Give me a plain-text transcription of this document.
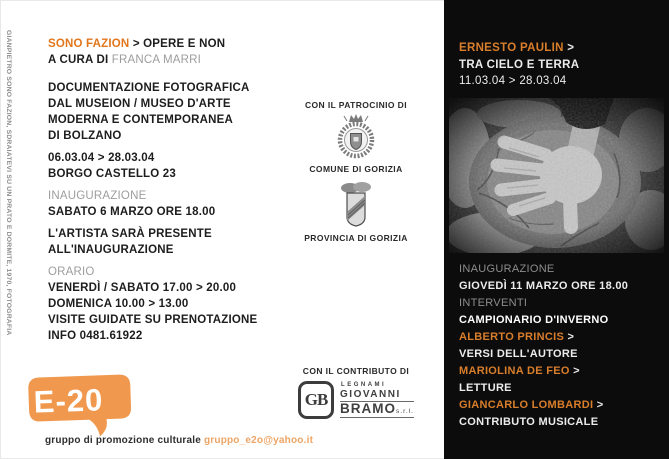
GIANPIETRO SONO FAZION, SDRAIATEVI SU UN PRATO E DORMITE, 1970, FOTOGRAFIA	SONO FAZION > OPERE E NON
A CURA DI FRANCA MARRI
DOCUMENTAZIONE FOTOGRAFICA
DAL MUSEION / MUSEO D'ARTE
MODERNA E CONTEMPORANEA
DI BOLZANO
06.03.04 > 28.03.04
BORGO CASTELLO 23
INAUGURAZIONE
SABATO 6 MARZO ORE 18.00
L'ARTISTA SARÀ PRESENTE
ALL'INAUGURAZIONE
ORARIO
VENERDÌ / SABATO 17.00 > 20.00
DOMENICA 10.00 > 13.00
VISITE GUIDATE SU PRENOTAZIONE
INFO 0481.61922
CON IL PATROCINIO DI
COMUNE DI GORIZIA
PROVINCIA DI GORIZIA
CON IL CONTRIBUTO DI
GB
LEGNAMI
GIOVANNI
BRAMOs.r.l.
ERNESTO PAULIN >
TRA CIELO E TERRA
11.03.04 > 28.03.04
INAUGURAZIONE
GIOVEDÌ 11 MARZO ORE 18.00
INTERVENTI
CAMPIONARIO D'INVERNO
ALBERTO PRINCIS >
VERSI DELL'AUTORE
MARIOLINA DE FEO >
LETTURE
GIANCARLO LOMBARDI >
CONTRIBUTO MUSICALE
E-20
gruppo di promozione culturale gruppo_e2o@yahoo.it
